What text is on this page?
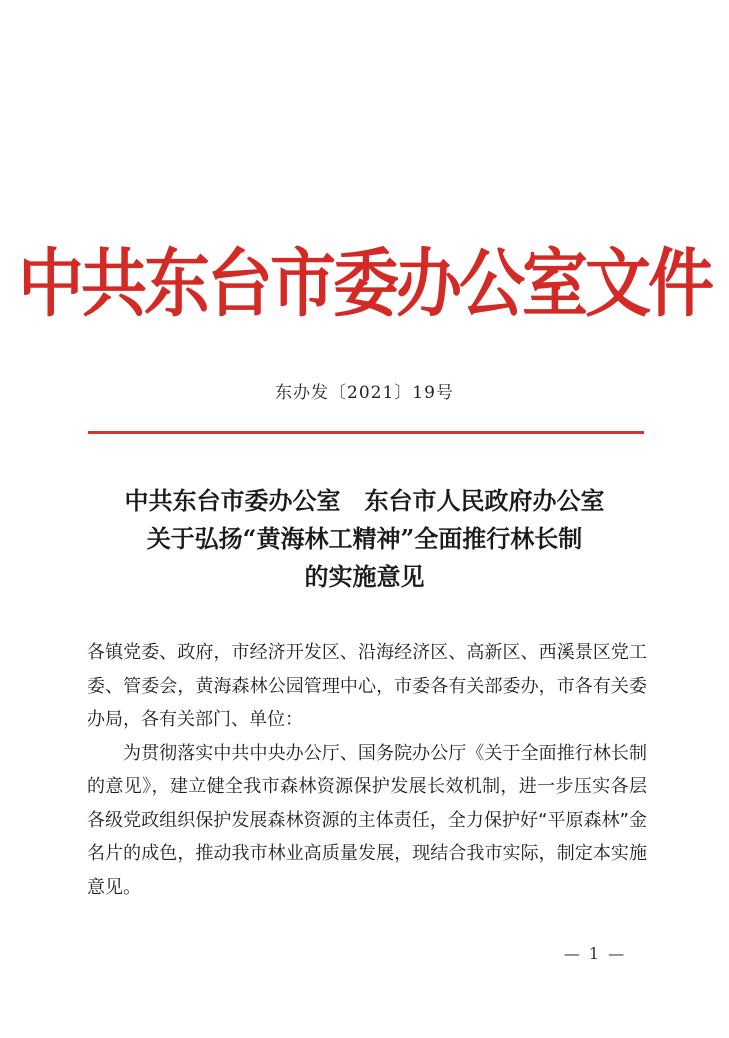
中共东台市委办公室文件
东办发〔2021〕19号
中共东台市委办公室 东台市人民政府办公室
关于弘扬“黄海林工精神”全面推行林长制
的实施意见

各镇党委、政府，市经济开发区、沿海经济区、高新区、西溪景区党工委、管委会，黄海森林公园管理中心，市委各有关部委办，市各有关委办局，各有关部门、单位：

为贯彻落实中共中央办公厅、国务院办公厅《关于全面推行林长制的意见》，建立健全我市森林资源保护发展长效机制，进一步压实各层各级党政组织保护发展森林资源的主体责任，全力保护好“平原森林”金名片的成色，推动我市林业高质量发展，现结合我市实际，制定本实施意见。

— 1 —
